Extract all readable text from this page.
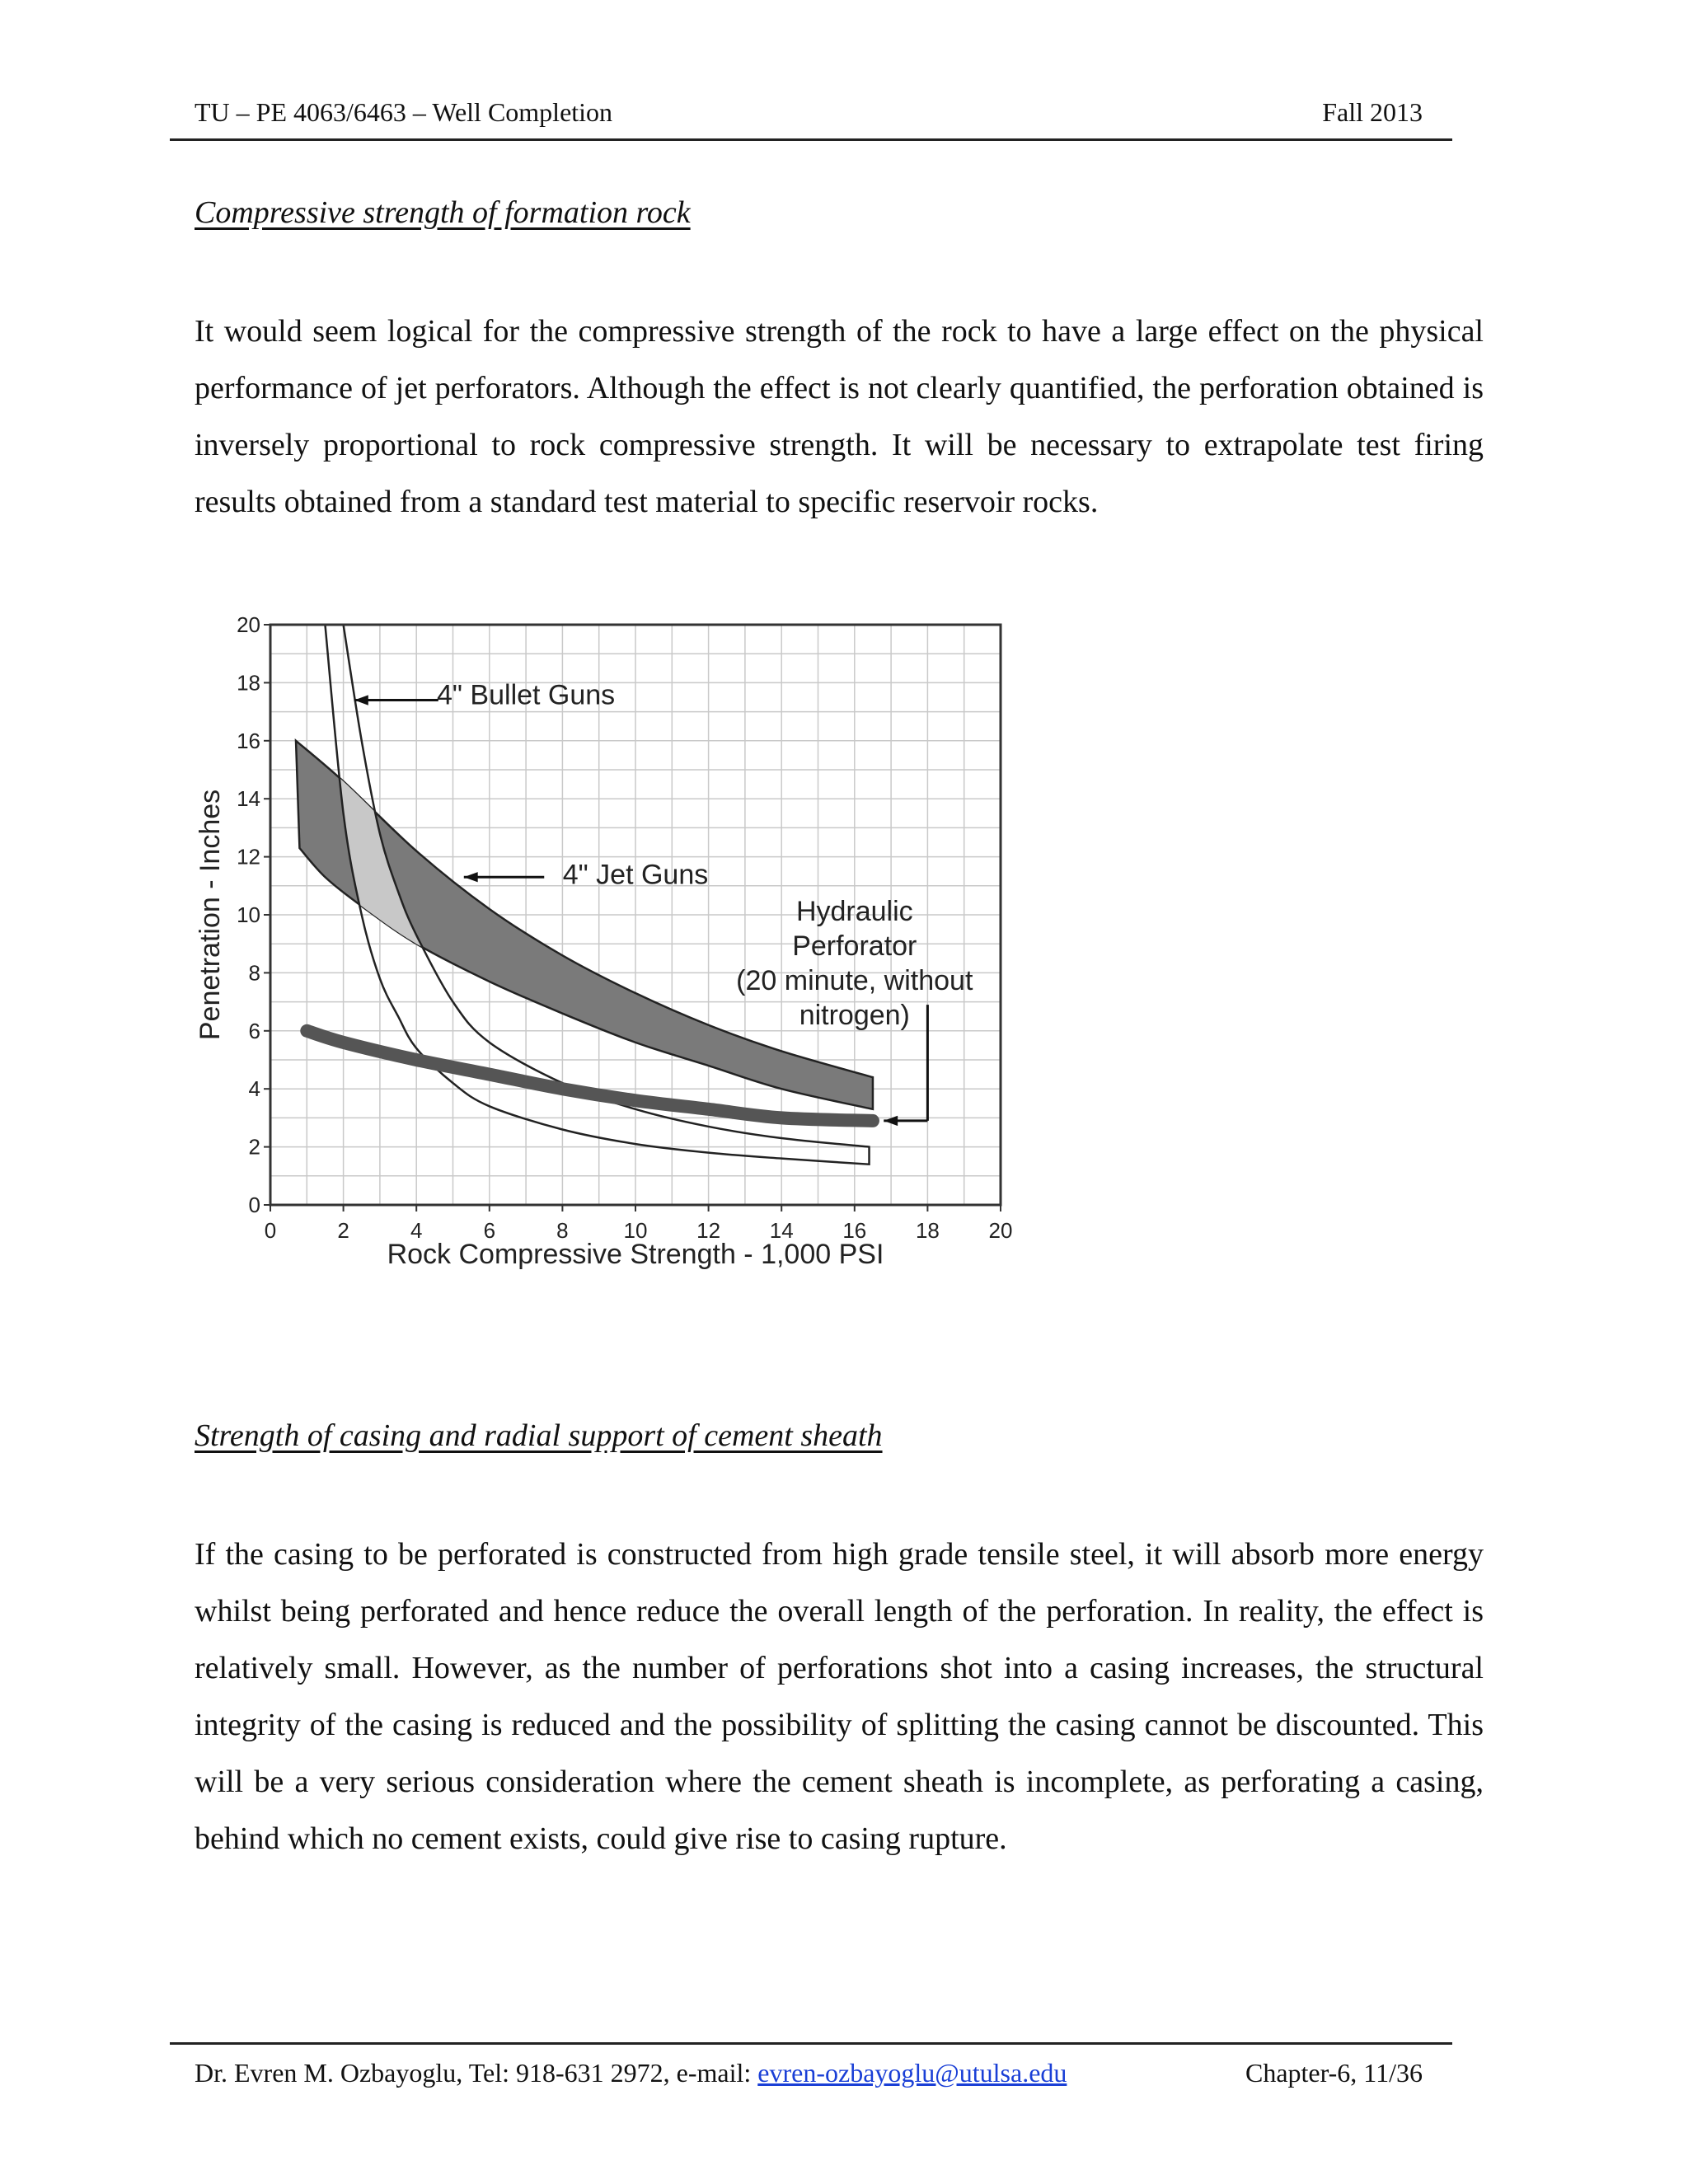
TU – PE 4063/6463 – Well Completion	Fall 2013
Compressive strength of formation rock

It would seem logical for the compressive strength of the rock to have a large effect on the physical performance of jet perforators. Although the effect is not clearly quantified, the perforation obtained is inversely proportional to rock compressive strength. It will be necessary to extrapolate test firing results obtained from a standard test material to specific reservoir rocks.

0	2	4	6	8	10 12 14 16 18 20
0
2
4
6
8
10
12
14
16
18
20
4" Bullet Guns
4" Jet Guns
Hydraulic
Perforator
(20 minute, without
nitrogen)
Rock Compressive Strength - 1,000 PSI
Penetration - Inches
Strength of casing and radial support of cement sheath

If the casing to be perforated is constructed from high grade tensile steel, it will absorb more energy whilst being perforated and hence reduce the overall length of the perforation. In reality, the effect is relatively small. However, as the number of perforations shot into a casing increases, the structural integrity of the casing is reduced and the possibility of splitting the casing cannot be discounted. This will be a very serious consideration where the cement sheath is incomplete, as perforating a casing, behind which no cement exists, could give rise to casing rupture.

Dr. Evren M. Ozbayoglu, Tel: 918-631 2972, e-mail: evren-ozbayoglu@utulsa.edu	Chapter-6, 11/36
